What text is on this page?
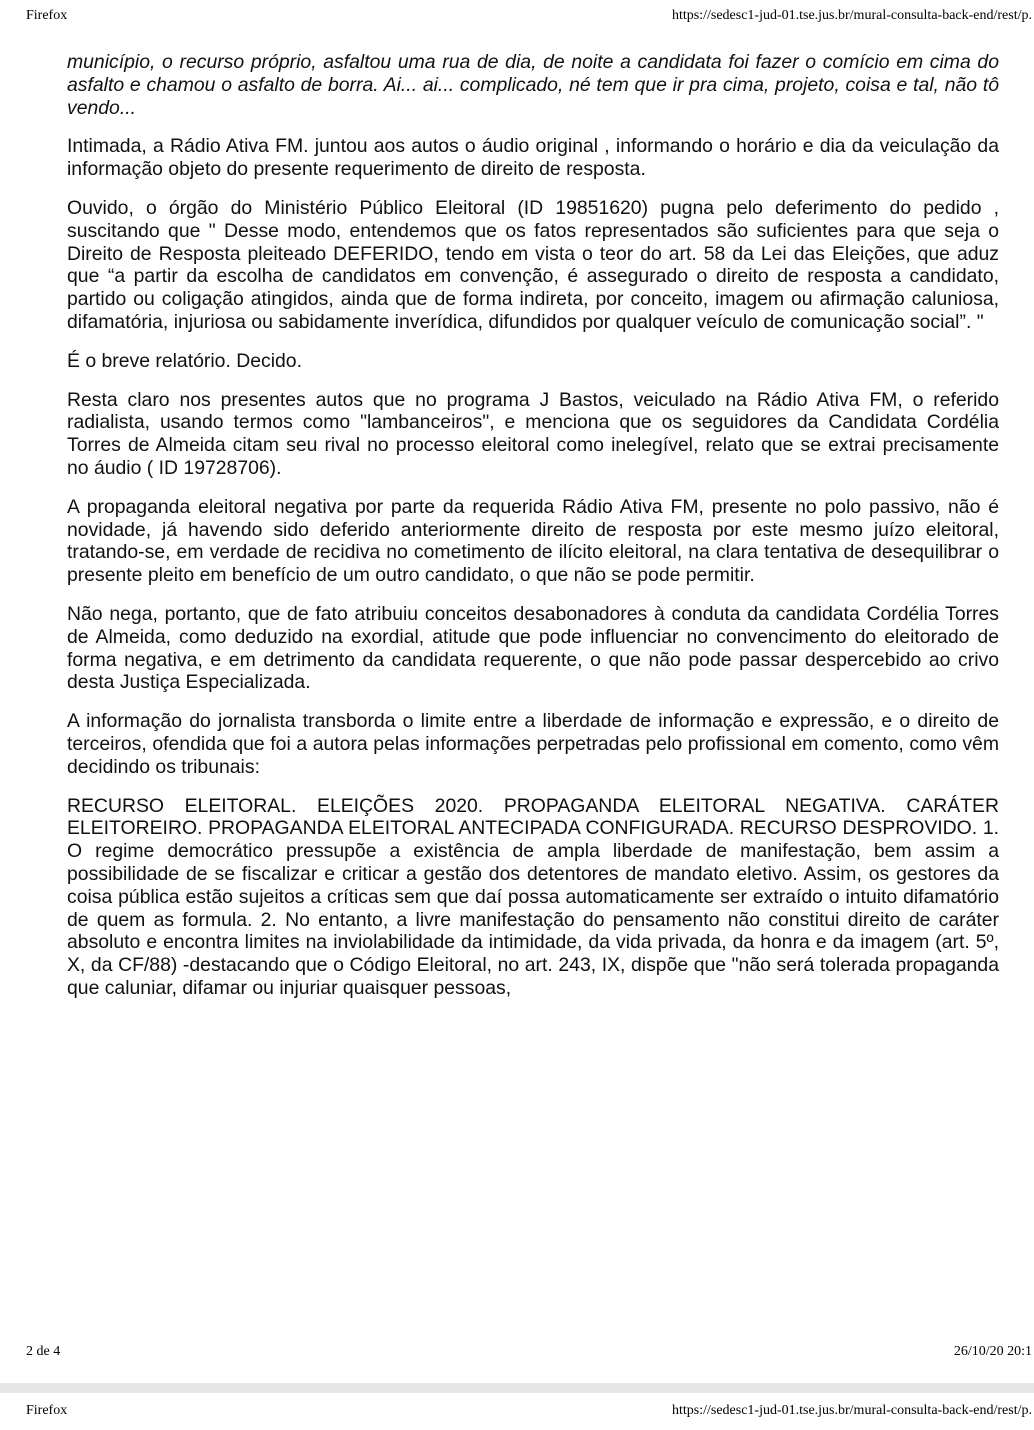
Firefox	https://sedesc1-jud-01.tse.jus.br/mural-consulta-back-end/rest/p.

município, o recurso próprio, asfaltou uma rua de dia, de noite a candidata foi fazer o comício em cima do asfalto e chamou o asfalto de borra. Ai... ai... complicado, né tem que ir pra cima, projeto, coisa e tal, não tô vendo...

Intimada, a Rádio Ativa FM. juntou aos autos o áudio original , informando o horário e dia da veiculação da informação objeto do presente requerimento de direito de resposta.

Ouvido, o órgão do Ministério Público Eleitoral (ID 19851620) pugna pelo deferimento do pedido , suscitando que " Desse modo, entendemos que os fatos representados são suficientes para que seja o Direito de Resposta pleiteado DEFERIDO, tendo em vista o teor do art. 58 da Lei das Eleições, que aduz que “a partir da escolha de candidatos em convenção, é assegurado o direito de resposta a candidato, partido ou coligação atingidos, ainda que de forma indireta, por conceito, imagem ou afirmação caluniosa, difamatória, injuriosa ou sabidamente inverídica, difundidos por qualquer veículo de comunicação social”. "

É o breve relatório. Decido.

Resta claro nos presentes autos que no programa J Bastos, veiculado na Rádio Ativa FM, o referido radialista, usando termos como "lambanceiros", e menciona que os seguidores da Candidata Cordélia Torres de Almeida citam seu rival no processo eleitoral como inelegível, relato que se extrai precisamente no áudio ( ID 19728706).

A propaganda eleitoral negativa por parte da requerida Rádio Ativa FM, presente no polo passivo, não é novidade, já havendo sido deferido anteriormente direito de resposta por este mesmo juízo eleitoral, tratando-se, em verdade de recidiva no cometimento de ilícito eleitoral, na clara tentativa de desequilibrar o presente pleito em benefício de um outro candidato, o que não se pode permitir.

Não nega, portanto, que de fato atribuiu conceitos desabonadores à conduta da candidata Cordélia Torres de Almeida, como deduzido na exordial, atitude que pode influenciar no convencimento do eleitorado de forma negativa, e em detrimento da candidata requerente, o que não pode passar despercebido ao crivo desta Justiça Especializada.

A informação do jornalista transborda o limite entre a liberdade de informação e expressão, e o direito de terceiros, ofendida que foi a autora pelas informações perpetradas pelo profissional em comento, como vêm decidindo os tribunais:

RECURSO ELEITORAL. ELEIÇÕES 2020. PROPAGANDA ELEITORAL NEGATIVA. CARÁTER ELEITOREIRO. PROPAGANDA ELEITORAL ANTECIPADA CONFIGURADA. RECURSO DESPROVIDO. 1. O regime democrático pressupõe a existência de ampla liberdade de manifestação, bem assim a possibilidade de se fiscalizar e criticar a gestão dos detentores de mandato eletivo. Assim, os gestores da coisa pública estão sujeitos a críticas sem que daí possa automaticamente ser extraído o intuito difamatório de quem as formula. 2. No entanto, a livre manifestação do pensamento não constitui direito de caráter absoluto e encontra limites na inviolabilidade da intimidade, da vida privada, da honra e da imagem (art. 5º, X, da CF/88) -destacando que o Código Eleitoral, no art. 243, IX, dispõe que "não será tolerada propaganda que caluniar, difamar ou injuriar quaisquer pessoas,

2 de 4	26/10/20 20:1
Firefox	https://sedesc1-jud-01.tse.jus.br/mural-consulta-back-end/rest/p.
